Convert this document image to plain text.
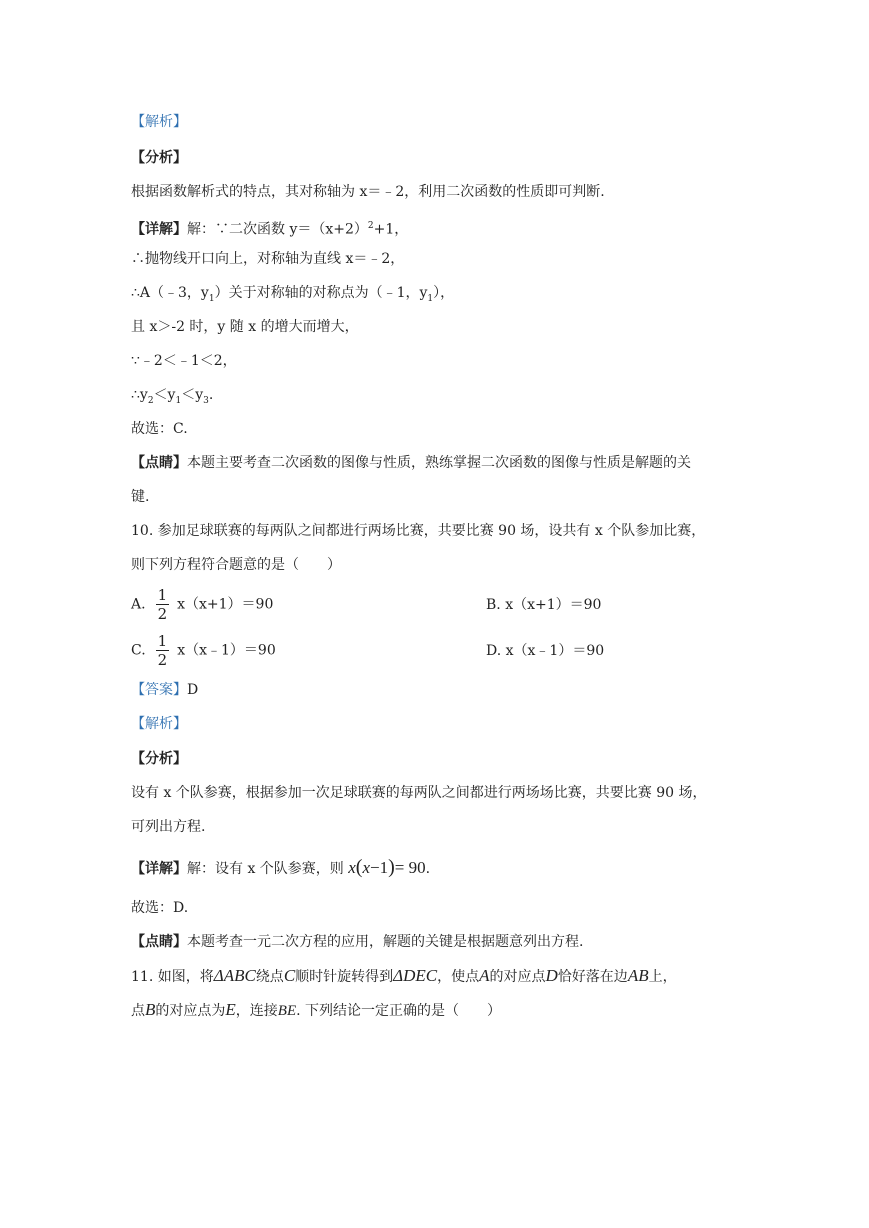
【解析】
【分析】
根据函数解析式的特点，其对称轴为 x＝﹣2，利用二次函数的性质即可判断.
【详解】解：∵二次函数 $y=(x+2)^2+1$，
∴抛物线开口向上，对称轴为直线 x＝﹣2，
∴A（﹣3，$y_1$）关于对称轴的对称点为（﹣1，$y_1$），
且 x＞-2 时，y 随 x 的增大而增大，
∵﹣2＜﹣1＜2，
$\therefore y_2<y_1<y_3$.
故选：C.
【点睛】本题主要考查二次函数的图像与性质，熟练掌握二次函数的图像与性质是解题的关
键.
10. 参加足球联赛的每两队之间都进行两场比赛，共要比赛 90 场，设共有 x 个队参加比赛，
则下列方程符合题意的是（　　）
A. $\frac{1}{2} x(x+1)=90$	B. x（x+1）＝90
C. $\frac{1}{2}$ x（x﹣1）＝90	D. x（x﹣1）＝90
【答案】D
【解析】
【分析】
设有 x 个队参赛，根据参加一次足球联赛的每两队之间都进行两场场比赛，共要比赛 90 场，
可列出方程.
【详解】解：设有 x 个队参赛，则 x(x−1)= 90.
故选：D.
【点睛】本题考查一元二次方程的应用，解题的关键是根据题意列出方程.
11. 如图，将ΔABC绕点C顺时针旋转得到ΔDEC，使点A的对应点D恰好落在边AB上，
点B的对应点为E，连接BE. 下列结论一定正确的是（　　）
